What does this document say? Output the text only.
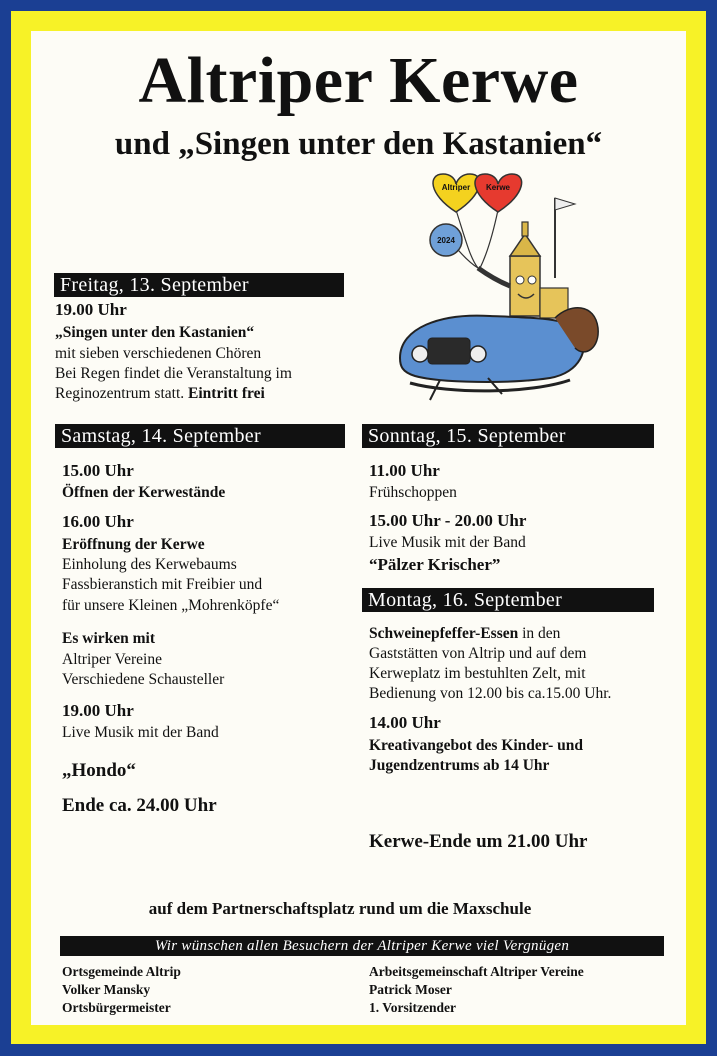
Altriper Kerwe
und „Singen unter den Kastanien“
Altriper Kerwe
2024
Freitag, 13. September
19.00 Uhr
„Singen unter den Kastanien“
mit sieben verschiedenen Chören
Bei Regen findet die Veranstaltung im
Reginozentrum statt. Eintritt frei
Samstag, 14. September
15.00 Uhr
Öffnen der Kerwestände
16.00 Uhr
Eröffnung der Kerwe
Einholung des Kerwebaums
Fassbieranstich mit Freibier und
für unsere Kleinen „Mohrenköpfe“
Es wirken mit
Altriper Vereine
Verschiedene Schausteller
19.00 Uhr
Live Musik mit der Band
„Hondo“
Ende ca. 24.00 Uhr
Sonntag, 15. September
11.00 Uhr
Frühschoppen
15.00 Uhr - 20.00 Uhr
Live Musik mit der Band
“Pälzer Krischer”
Montag, 16. September
Schweinepfeffer-Essen in den
Gaststätten von Altrip und auf dem
Kerweplatz im bestuhlten Zelt, mit
Bedienung von 12.00 bis ca.15.00 Uhr.
14.00 Uhr
Kreativangebot des Kinder- und
Jugendzentrums ab 14 Uhr
Kerwe-Ende um 21.00 Uhr
auf dem Partnerschaftsplatz rund um die Maxschule
Wir wünschen allen Besuchern der Altriper Kerwe viel Vergnügen
Ortsgemeinde Altrip
Volker Mansky
Ortsbürgermeister
Arbeitsgemeinschaft Altriper Vereine
Patrick Moser
1. Vorsitzender
